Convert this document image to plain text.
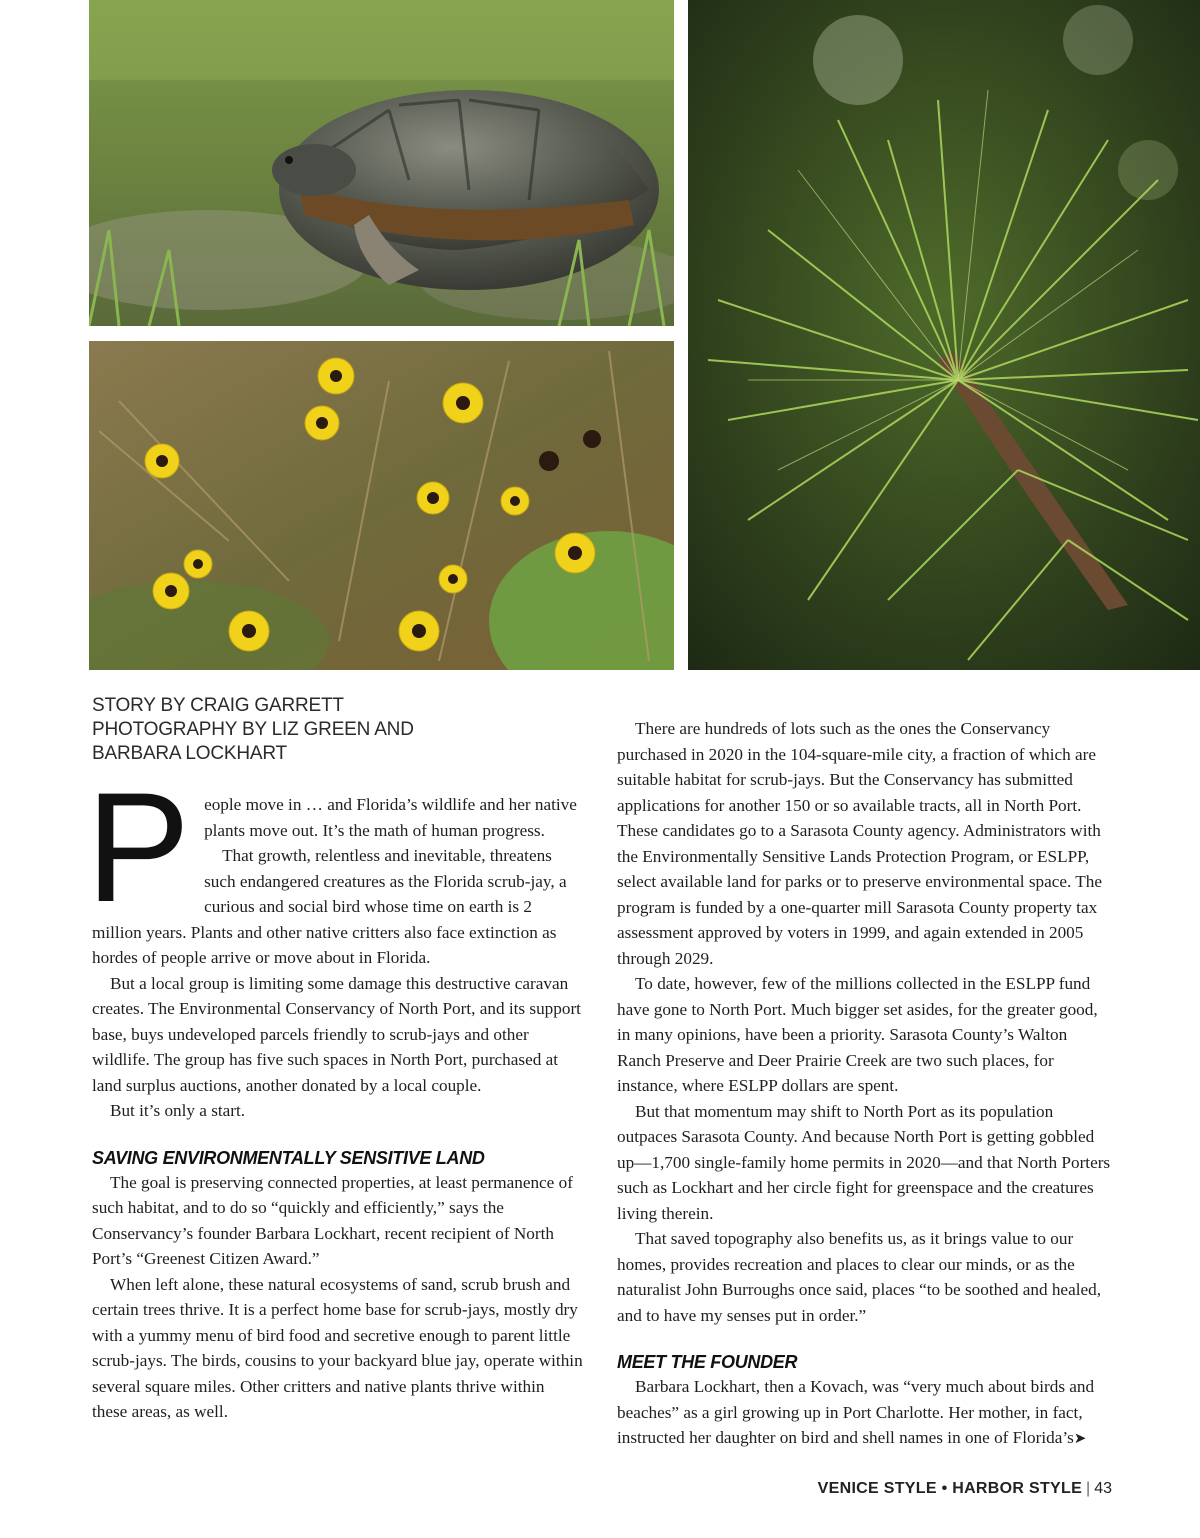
STORY BY CRAIG GARRETT
PHOTOGRAPHY BY LIZ GREEN AND
BARBARA LOCKHART
P eople move in … and Florida’s wildlife and her native plants move out. It’s the math of human progress.

That growth, relentless and inevitable, threatens such endangered creatures as the Florida scrub-jay, a curious and social bird whose time on earth is 2 million years. Plants and other native critters also face extinction as hordes of people arrive or move about in Florida.

But a local group is limiting some damage this destructive caravan creates. The Environmental Conservancy of North Port, and its support base, buys undeveloped parcels friendly to scrub-jays and other wildlife. The group has five such spaces in North Port, purchased at land surplus auctions, another donated by a local couple.

But it’s only a start.

SAVING ENVIRONMENTALLY SENSITIVE LAND

The goal is preserving connected properties, at least permanence of such habitat, and to do so “quickly and efficiently,” says the Conservancy’s founder Barbara Lockhart, recent recipient of North Port’s “Greenest Citizen Award.”

When left alone, these natural ecosystems of sand, scrub brush and certain trees thrive. It is a perfect home base for scrub-jays, mostly dry with a yummy menu of bird food and secretive enough to parent little scrub-jays. The birds, cousins to your backyard blue jay, operate within several square miles. Other critters and native plants thrive within these areas, as well.

There are hundreds of lots such as the ones the Conservancy purchased in 2020 in the 104-square-mile city, a fraction of which are suitable habitat for scrub-jays. But the Conservancy has submitted applications for another 150 or so available tracts, all in North Port. These candidates go to a Sarasota County agency. Administrators with the Environmentally Sensitive Lands Protection Program, or ESLPP, select available land for parks or to preserve environmental space. The program is funded by a one-quarter mill Sarasota County property tax assessment approved by voters in 1999, and again extended in 2005 through 2029.

To date, however, few of the millions collected in the ESLPP fund have gone to North Port. Much bigger set asides, for the greater good, in many opinions, have been a priority. Sarasota County’s Walton Ranch Preserve and Deer Prairie Creek are two such places, for instance, where ESLPP dollars are spent.

But that momentum may shift to North Port as its population outpaces Sarasota County. And because North Port is getting gobbled up—1,700 single-family home permits in 2020—and that North Porters such as Lockhart and her circle fight for greenspace and the creatures living therein.

That saved topography also benefits us, as it brings value to our homes, provides recreation and places to clear our minds, or as the naturalist John Burroughs once said, places “to be soothed and healed, and to have my senses put in order.”

MEET THE FOUNDER

Barbara Lockhart, then a Kovach, was “very much about birds and beaches” as a girl growing up in Port Charlotte. Her mother, in fact, instructed her daughter on bird and shell names in one of Florida’s➤

VENICE STYLE • HARBOR STYLE | 43
